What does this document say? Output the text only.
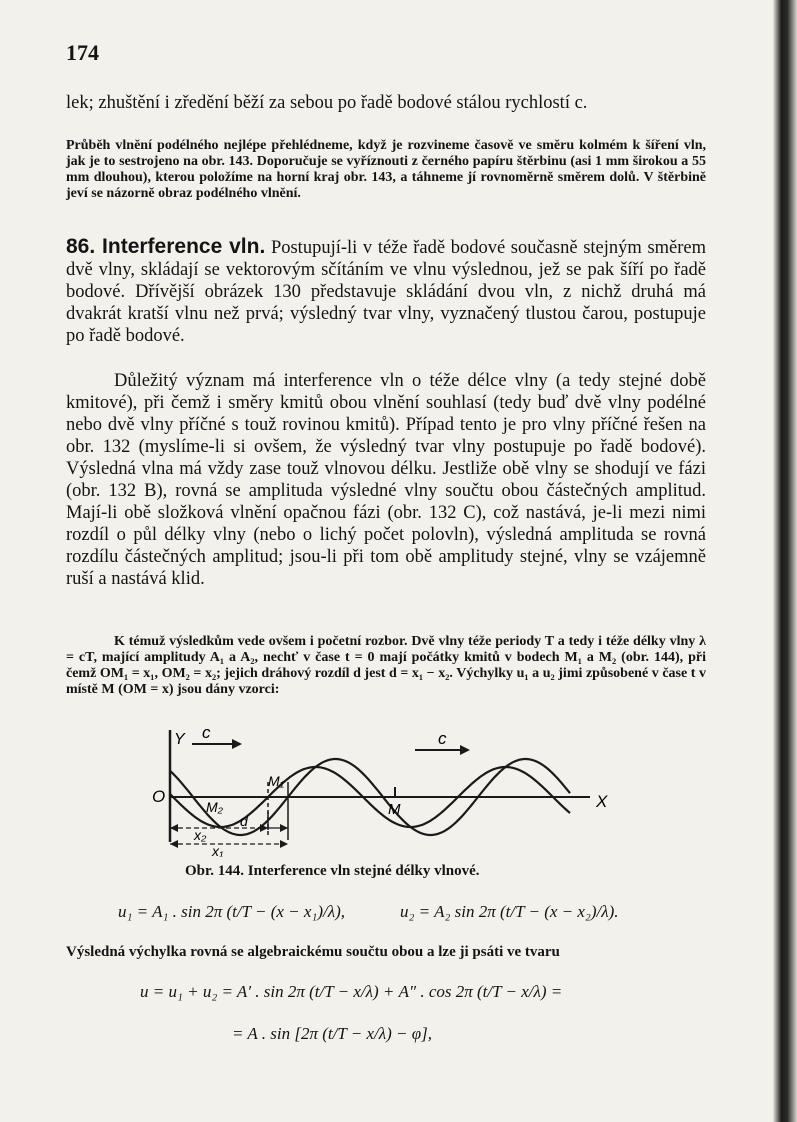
174
lek; zhuštění i zředění běží za sebou po řadě bodové stálou rychlostí c.
Průběh vlnění podélného nejlépe přehlédneme, když je rozvineme časově ve směru kolmém k šíření vln, jak je to sestrojeno na obr. 143. Doporučuje se vyříznouti z černého papíru štěrbinu (asi 1 mm širokou a 55 mm dlouhou), kterou položíme na horní kraj obr. 143, a táhneme jí rovnoměrně směrem dolů. V štěrbině jeví se názorně obraz podélného vlnění.
86. Interference vln. Postupují-li v téže řadě bodové současně stejným směrem dvě vlny, skládají se vektorovým sčítáním ve vlnu výslednou, jež se pak šíří po řadě bodové. Dřívější obrázek 130 představuje skládání dvou vln, z nichž druhá má dvakrát kratší vlnu než prvá; výsledný tvar vlny, vyznačený tlustou čarou, postupuje po řadě bodové.
Důležitý význam má interference vln o téže délce vlny (a tedy stejné době kmitové), při čemž i směry kmitů obou vlnění souhlasí (tedy buď dvě vlny podélné nebo dvě vlny příčné s touž rovinou kmitů). Případ tento je pro vlny příčné řešen na obr. 132 (myslíme-li si ovšem, že výsledný tvar vlny postupuje po řadě bodové). Výsledná vlna má vždy zase touž vlnovou délku. Jestliže obě vlny se shodují ve fázi (obr. 132 B), rovná se amplituda výsledné vlny součtu obou částečných amplitud. Mají-li obě složková vlnění opačnou fázi (obr. 132 C), což nastává, je-li mezi nimi rozdíl o půl délky vlny (nebo o lichý počet polovln), výsledná amplituda se rovná rozdílu částečných amplitud; jsou-li při tom obě amplitudy stejné, vlny se vzájemně ruší a nastává klid.
K témuž výsledkům vede ovšem i početní rozbor. Dvě vlny téže periody T a tedy i téže délky vlny λ = cT, mající amplitudy A₁ a A₂, nechť v čase t = 0 mají počátky kmitů v bodech M₁ a M₂ (obr. 144), při čemž OM₁ = x₁, OM₂ = x₂; jejich dráhový rozdíl d jest d = x₁ − x₂. Výchylky u₁ a u₂ jimi způsobené v čase t v místě M (OM = x) jsou dány vzorci:
Y
O	X
c	c
M₁
M₂	M
x₂
d
x₁
Obr. 144. Interference vln stejné délky vlnové.
u₁ = A₁ . sin 2π (t/T − (x − x₁)/λ),	u₂ = A₂ sin 2π (t/T − (x − x₂)/λ).
Výsledná výchylka rovná se algebraickému součtu obou a lze ji psáti ve tvaru
u = u₁ + u₂ = A′ . sin 2π (t/T − x/λ) + A″ . cos 2π (t/T − x/λ) =
= A . sin [2π (t/T − x/λ) − φ],
